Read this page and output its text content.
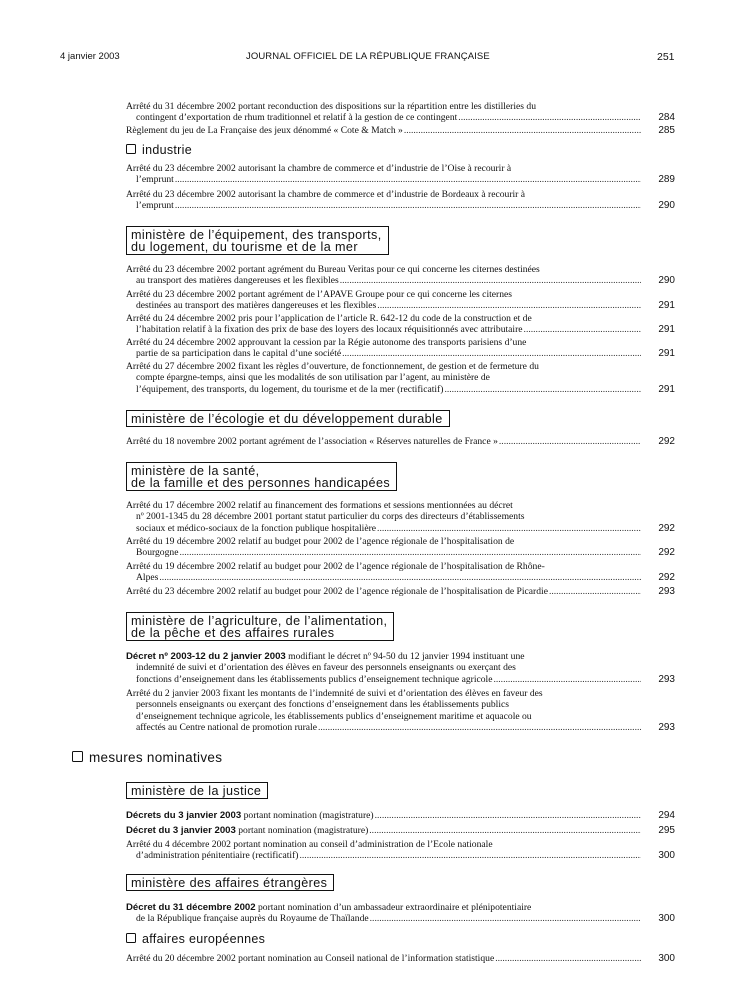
4 janvier 2003	JOURNAL OFFICIEL DE LA RÉPUBLIQUE FRANÇAISE	251
Arrêté du 31 décembre 2002 portant reconduction des dispositions sur la répartition entre les distilleries du
contingent d’exportation de rhum traditionnel et relatif à la gestion de ce contingent .....	284
Règlement du jeu de La Française des jeux dénommé « Cote & Match » .....	285
industrie
Arrêté du 23 décembre 2002 autorisant la chambre de commerce et d’industrie de l’Oise à recourir à
l’emprunt .....	289
Arrêté du 23 décembre 2002 autorisant la chambre de commerce et d’industrie de Bordeaux à recourir à
l’emprunt .....	290
ministère de l’équipement, des transports,
du logement, du tourisme et de la mer
Arrêté du 23 décembre 2002 portant agrément du Bureau Veritas pour ce qui concerne les citernes destinées
au transport des matières dangereuses et les flexibles .....	290
Arrêté du 23 décembre 2002 portant agrément de l’APAVE Groupe pour ce qui concerne les citernes
destinées au transport des matières dangereuses et les flexibles .....	291
Arrêté du 24 décembre 2002 pris pour l’application de l’article R. 642-12 du code de la construction et de
l’habitation relatif à la fixation des prix de base des loyers des locaux réquisitionnés avec attributaire .....	291
Arrêté du 24 décembre 2002 approuvant la cession par la Régie autonome des transports parisiens d’une
partie de sa participation dans le capital d’une société .....	291
Arrêté du 27 décembre 2002 fixant les règles d’ouverture, de fonctionnement, de gestion et de fermeture du
compte épargne-temps, ainsi que les modalités de son utilisation par l’agent, au ministère de
l’équipement, des transports, du logement, du tourisme et de la mer (rectificatif) .....	291
ministère de l’écologie et du développement durable
Arrêté du 18 novembre 2002 portant agrément de l’association « Réserves naturelles de France » .....	292
ministère de la santé,
de la famille et des personnes handicapées
Arrêté du 17 décembre 2002 relatif au financement des formations et sessions mentionnées au décret
nº 2001-1345 du 28 décembre 2001 portant statut particulier du corps des directeurs d’établissements
sociaux et médico-sociaux de la fonction publique hospitalière .....	292
Arrêté du 19 décembre 2002 relatif au budget pour 2002 de l’agence régionale de l’hospitalisation de
Bourgogne .....	292
Arrêté du 19 décembre 2002 relatif au budget pour 2002 de l’agence régionale de l’hospitalisation de Rhône-
Alpes .....	292
Arrêté du 23 décembre 2002 relatif au budget pour 2002 de l’agence régionale de l’hospitalisation de Picardie .....	293
ministère de l’agriculture, de l’alimentation,
de la pêche et des affaires rurales
Décret nº 2003-12 du 2 janvier 2003 modifiant le décret nº 94-50 du 12 janvier 1994 instituant une
indemnité de suivi et d’orientation des élèves en faveur des personnels enseignants ou exerçant des
fonctions d’enseignement dans les établissements publics d’enseignement technique agricole .....	293
Arrêté du 2 janvier 2003 fixant les montants de l’indemnité de suivi et d’orientation des élèves en faveur des
personnels enseignants ou exerçant des fonctions d’enseignement dans les établissements publics
d’enseignement technique agricole, les établissements publics d’enseignement maritime et aquacole ou
affectés au Centre national de promotion rurale .....	293
mesures nominatives
ministère de la justice
Décrets du 3 janvier 2003 portant nomination (magistrature) .....	294
Décret du 3 janvier 2003 portant nomination (magistrature) .....	295
Arrêté du 4 décembre 2002 portant nomination au conseil d’administration de l’Ecole nationale
d’administration pénitentiaire (rectificatif) .....	300
ministère des affaires étrangères
Décret du 31 décembre 2002 portant nomination d’un ambassadeur extraordinaire et plénipotentiaire
de la République française auprès du Royaume de Thaïlande .....	300
affaires européennes
Arrêté du 20 décembre 2002 portant nomination au Conseil national de l’information statistique .....	300
